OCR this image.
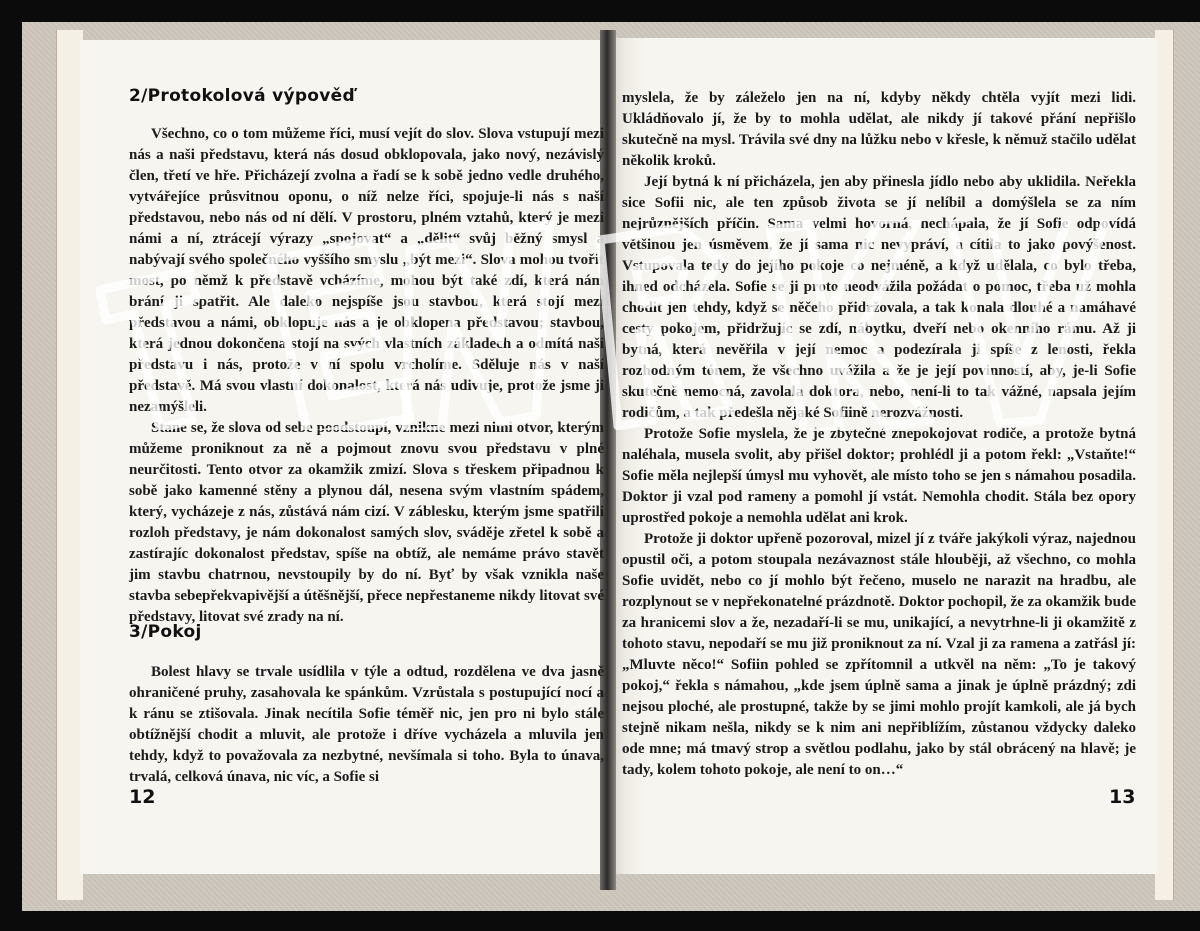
2/Protokolová výpověď

Všechno, co o tom můžeme říci, musí vejít do slov. Slova vstupují mezi nás a naši představu, která nás dosud obklopovala, jako nový, nezávislý člen, třetí ve hře. Přicházejí zvolna a řadí se k sobě jedno vedle druhého, vytvářejíce průsvitnou oponu, o níž nelze říci, spojuje-li nás s naší představou, nebo nás od ní dělí. V prostoru, plném vztahů, který je mezi námi a ní, ztrácejí výrazy „spojovat“ a „dělit“ svůj běžný smysl a nabývají svého společného vyššího smyslu „být mezi“. Slova mohou tvořit most, po němž k představě vcházíme, mohou být také zdí, která nám brání ji spatřit. Ale daleko nejspíše jsou stavbou, která stojí mezi představou a námi, obklopuje nás a je obklopena představou; stavbou, která jednou dokončena stojí na svých vlastních základech a odmítá naši představu i nás, protože v ní spolu vrcholíme. Sděluje nás v naší představě. Má svou vlastní dokonalost, která nás udivuje, protože jsme ji nezamýšleli.

Stane se, že slova od sebe poodstoupí, vznikne mezi nimi otvor, kterým můžeme proniknout za ně a pojmout znovu svou představu v plné neurčitosti. Tento otvor za okamžik zmizí. Slova s třeskem připadnou k sobě jako kamenné stěny a plynou dál, nesena svým vlastním spádem, který, vycházeje z nás, zůstává nám cizí. V záblesku, kterým jsme spatřili rozloh představy, je nám dokonalost samých slov, sváděje zřetel k sobě a zastírajíc dokonalost představ, spíše na obtíž, ale nemáme právo stavět jim stavbu chatrnou, nevstoupily by do ní. Byť by však vznikla naše stavba sebepřekvapivější a útěšnější, přece nepřestaneme nikdy litovat své představy, litovat své zrady na ní.

3/Pokoj

Bolest hlavy se trvale usídlila v týle a odtud, rozdělena ve dva jasně ohraničené pruhy, zasahovala ke spánkům. Vzrůstala s postupující nocí a k ránu se ztišovala. Jinak necítila Sofie téměř nic, jen pro ni bylo stále obtížnější chodit a mluvit, ale protože i dříve vycházela a mluvila jen tehdy, když to považovala za nezbytné, nevšímala si toho. Byla to únava, trvalá, celková únava, nic víc, a Sofie si

12

myslela, že by záleželo jen na ní, kdyby někdy chtěla vyjít mezi lidi. Ukládňovalo jí, že by to mohla udělat, ale nikdy jí takové přání nepřišlo skutečně na mysl. Trávila své dny na lůžku nebo v křesle, k němuž stačilo udělat několik kroků.

Její bytná k ní přicházela, jen aby přinesla jídlo nebo aby uklidila. Neřekla sice Sofii nic, ale ten způsob života se jí nelíbil a domýšlela se za ním nejrůznějších příčin. Sama velmi hovorná, nechápala, že jí Sofie odpovídá většinou jen úsměvem, že jí sama nic nevypráví, a cítila to jako povýšenost. Vstupovala tedy do jejího pokoje co nejméně, a když udělala, co bylo třeba, ihned odcházela. Sofie se ji proto neodvážila požádat o pomoc, třeba už mohla chodit jen tehdy, když se něčeho přidržovala, a tak konala dlouhé a namáhavé cesty pokojem, přidržujíc se zdí, nábytku, dveří nebo okenního rámu. Až ji bytná, která nevěřila v její nemoc a podezírala ji spíše z lenosti, řekla rozhodným tónem, že všechno uvážila a že je její povinností, aby, je-li Sofie skutečně nemocná, zavolala doktora, nebo, není-li to tak vážné, napsala jejím rodičům, a tak předešla nějaké Sofiině nerozvážnosti.

Protože Sofie myslela, že je zbytečné znepokojovat rodiče, a protože bytná naléhala, musela svolit, aby přišel doktor; prohlédl ji a potom řekl: „Vstaňte!“ Sofie měla nejlepší úmysl mu vyhovět, ale místo toho se jen s námahou posadila. Doktor ji vzal pod rameny a pomohl jí vstát. Nemohla chodit. Stála bez opory uprostřed pokoje a nemohla udělat ani krok.

Protože ji doktor upřeně pozoroval, mizel jí z tváře jakýkoli výraz, najednou opustil oči, a potom stoupala nezávaznost stále hlouběji, až všechno, co mohla Sofie uvidět, nebo co jí mohlo být řečeno, muselo ne narazit na hradbu, ale rozplynout se v nepřekonatelné prázdnotě. Doktor pochopil, že za okamžik bude za hranicemi slov a že, nezadaří-li se mu, unikající, a nevytrhne-li ji okamžitě z tohoto stavu, nepodaří se mu již proniknout za ní. Vzal ji za ramena a zatřásl jí: „Mluvte něco!“ Sofiin pohled se zpřítomnil a utkvěl na něm: „To je takový pokoj,“ řekla s námahou, „kde jsem úplně sama a jinak je úplně prázdný; zdi nejsou ploché, ale prostupné, takže by se jimi mohlo projít kamkoli, ale já bych stejně nikam nešla, nikdy se k nim ani nepřiblížím, zůstanou vždycky daleko ode mne; má tmavý strop a světlou podlahu, jako by stál obrácený na hlavě; je tady, kolem tohoto pokoje, ale není to on…“

13
